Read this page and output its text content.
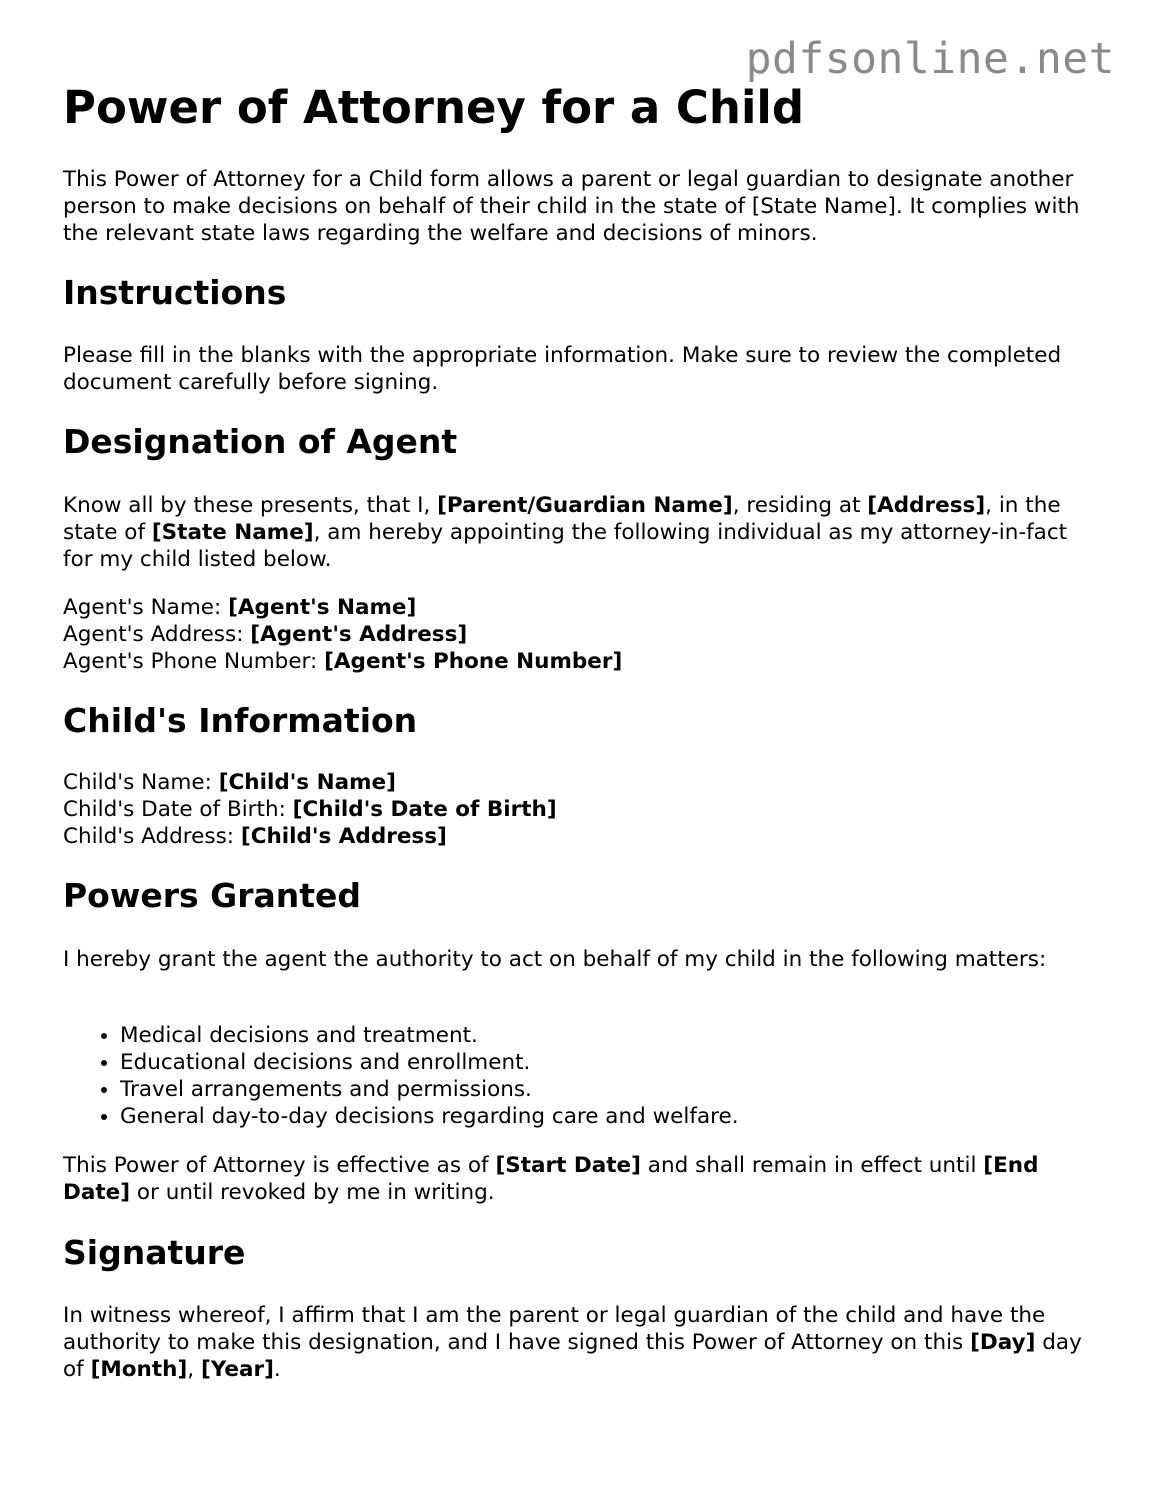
pdfsonline.net
Power of Attorney for a Child

This Power of Attorney for a Child form allows a parent or legal guardian to designate another person to make decisions on behalf of their child in the state of [State Name]. It complies with the relevant state laws regarding the welfare and decisions of minors.

Instructions

Please fill in the blanks with the appropriate information. Make sure to review the completed document carefully before signing.

Designation of Agent

Know all by these presents, that I, [Parent/Guardian Name], residing at [Address], in the state of [State Name], am hereby appointing the following individual as my attorney-in-fact for my child listed below.

Agent's Name: [Agent's Name]

Agent's Address: [Agent's Address]

Agent's Phone Number: [Agent's Phone Number]

Child's Information

Child's Name: [Child's Name]

Child's Date of Birth: [Child's Date of Birth]

Child's Address: [Child's Address]

Powers Granted

I hereby grant the agent the authority to act on behalf of my child in the following matters:

• Medical decisions and treatment.
• Educational decisions and enrollment.
• Travel arrangements and permissions.
• General day-to-day decisions regarding care and welfare.

This Power of Attorney is effective as of [Start Date] and shall remain in effect until [End Date] or until revoked by me in writing.

Signature

In witness whereof, I affirm that I am the parent or legal guardian of the child and have the authority to make this designation, and I have signed this Power of Attorney on this [Day] day of [Month], [Year].
